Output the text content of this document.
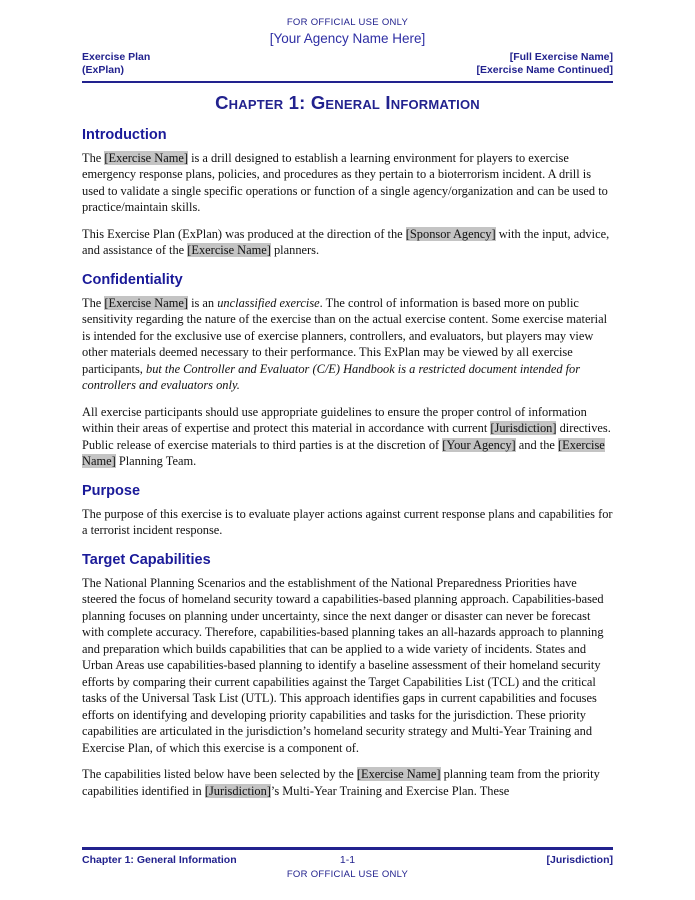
FOR OFFICIAL USE ONLY
[Your Agency Name Here]
Exercise Plan
(ExPlan)
[Full Exercise Name]
[Exercise Name Continued]
Chapter 1: General Information
Introduction

The [Exercise Name] is a drill designed to establish a learning environment for players to exercise emergency response plans, policies, and procedures as they pertain to a bioterrorism incident. A drill is used to validate a single specific operations or function of a single agency/organization and can be used to practice/maintain skills.

This Exercise Plan (ExPlan) was produced at the direction of the [Sponsor Agency] with the input, advice, and assistance of the [Exercise Name] planners.

Confidentiality

The [Exercise Name] is an unclassified exercise. The control of information is based more on public sensitivity regarding the nature of the exercise than on the actual exercise content. Some exercise material is intended for the exclusive use of exercise planners, controllers, and evaluators, but players may view other materials deemed necessary to their performance. This ExPlan may be viewed by all exercise participants, but the Controller and Evaluator (C/E) Handbook is a restricted document intended for controllers and evaluators only.

All exercise participants should use appropriate guidelines to ensure the proper control of information within their areas of expertise and protect this material in accordance with current [Jurisdiction] directives. Public release of exercise materials to third parties is at the discretion of [Your Agency] and the [Exercise Name] Planning Team.

Purpose

The purpose of this exercise is to evaluate player actions against current response plans and capabilities for a terrorist incident response.

Target Capabilities

The National Planning Scenarios and the establishment of the National Preparedness Priorities have steered the focus of homeland security toward a capabilities-based planning approach. Capabilities-based planning focuses on planning under uncertainty, since the next danger or disaster can never be forecast with complete accuracy. Therefore, capabilities-based planning takes an all-hazards approach to planning and preparation which builds capabilities that can be applied to a wide variety of incidents. States and Urban Areas use capabilities-based planning to identify a baseline assessment of their homeland security efforts by comparing their current capabilities against the Target Capabilities List (TCL) and the critical tasks of the Universal Task List (UTL). This approach identifies gaps in current capabilities and focuses efforts on identifying and developing priority capabilities and tasks for the jurisdiction. These priority capabilities are articulated in the jurisdiction’s homeland security strategy and Multi-Year Training and Exercise Plan, of which this exercise is a component of.

The capabilities listed below have been selected by the [Exercise Name] planning team from the priority capabilities identified in [Jurisdiction]’s Multi-Year Training and Exercise Plan. These

Chapter 1: General Information	1-1	[Jurisdiction]
FOR OFFICIAL USE ONLY
